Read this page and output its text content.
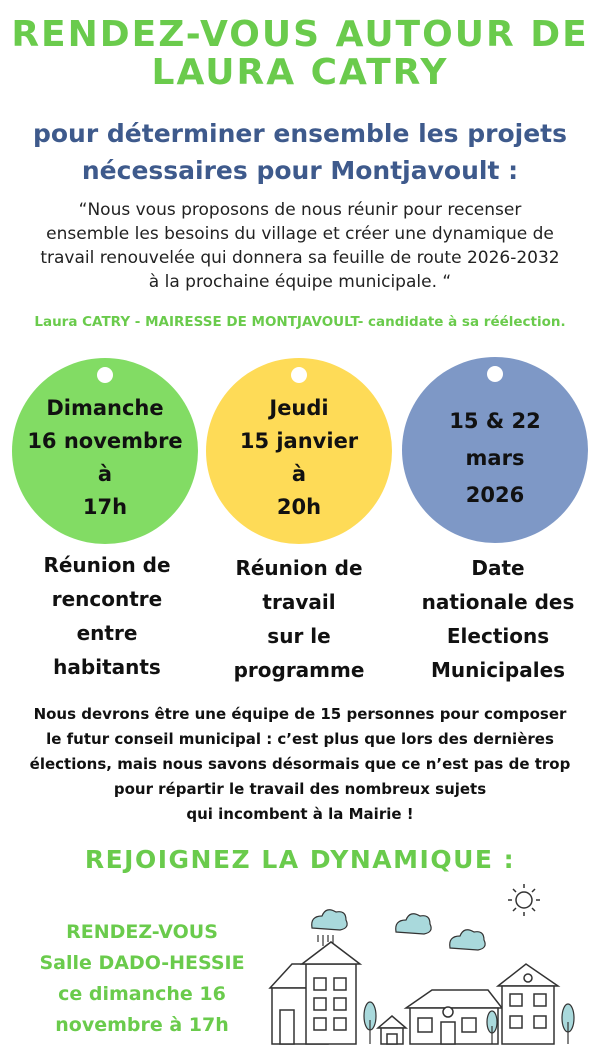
RENDEZ-VOUS AUTOUR DE
LAURA CATRY
pour déterminer ensemble les projets
nécessaires pour Montjavoult :
“Nous vous proposons de nous réunir pour recenser
ensemble les besoins du village et créer une dynamique de
travail renouvelée qui donnera sa feuille de route 2026-2032
à la prochaine équipe municipale. “
Laura CATRY - MAIRESSE DE MONTJAVOULT- candidate à sa réélection.
Dimanche
16 novembre
à
17h
Jeudi
15 janvier
à
20h
15 & 22
mars
2026
Réunion de
rencontre
entre
habitants
Réunion de
travail
sur le
programme
Date
nationale des
Elections
Municipales
Nous devrons être une équipe de 15 personnes pour composer
le futur conseil municipal : c’est plus que lors des dernières
élections, mais nous savons désormais que ce n’est pas de trop
pour répartir le travail des nombreux sujets
qui incombent à la Mairie !
REJOIGNEZ LA DYNAMIQUE :
RENDEZ-VOUS
Salle DADO-HESSIE
ce dimanche 16
novembre à 17h
